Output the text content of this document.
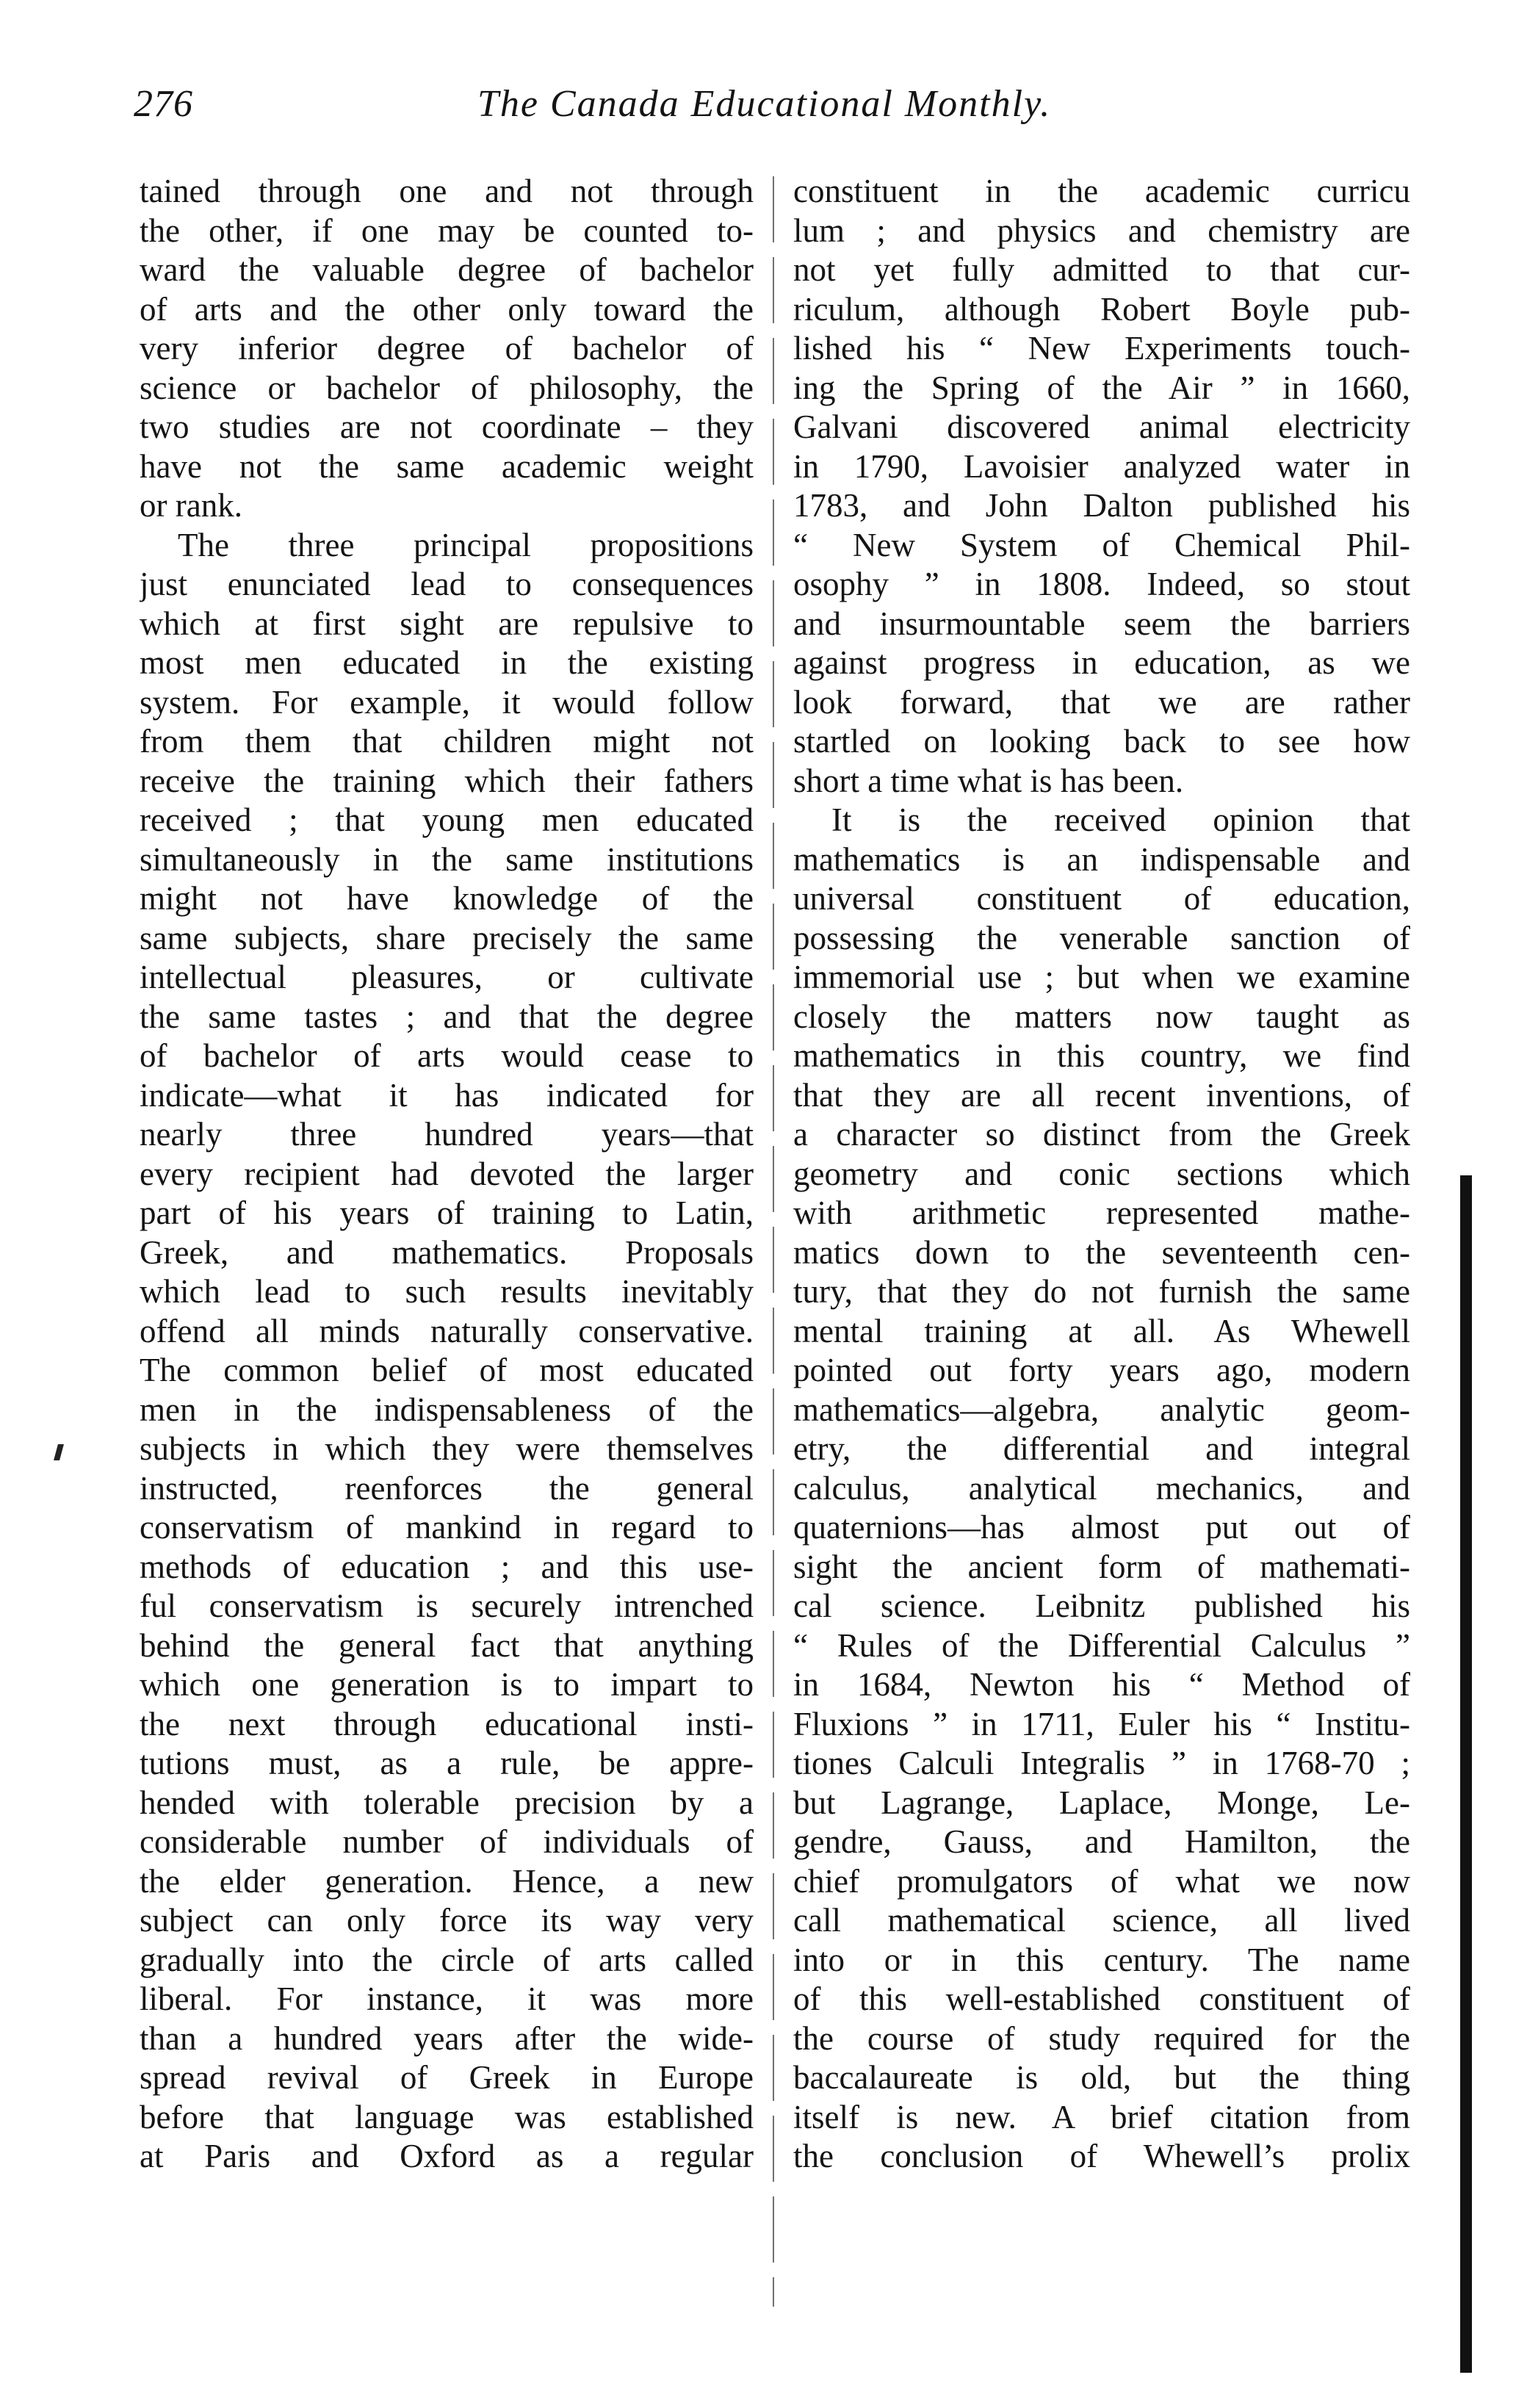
276	The Canada Educational Monthly.
tained through one and not through
the other, if one may be counted to-
ward the valuable degree of bachelor
of arts and the other only toward the
very inferior degree of bachelor of
science or bachelor of philosophy, the
two studies are not coordinate – they
have not the same academic weight
or rank.
The three principal propositions
just enunciated lead to consequences
which at first sight are repulsive to
most men educated in the existing
system. For example, it would follow
from them that children might not
receive the training which their fathers
received ; that young men educated
simultaneously in the same institutions
might not have knowledge of the
same subjects, share precisely the same
intellectual pleasures, or cultivate
the same tastes ; and that the degree
of bachelor of arts would cease to
indicate—what it has indicated for
nearly three hundred years—that
every recipient had devoted the larger
part of his years of training to Latin,
Greek, and mathematics. Proposals
which lead to such results inevitably
offend all minds naturally conservative.
The common belief of most educated
men in the indispensableness of the
subjects in which they were themselves
instructed, reenforces the general
conservatism of mankind in regard to
methods of education ; and this use-
ful conservatism is securely intrenched
behind the general fact that anything
which one generation is to impart to
the next through educational insti-
tutions must, as a rule, be appre-
hended with tolerable precision by a
considerable number of individuals of
the elder generation. Hence, a new
subject can only force its way very
gradually into the circle of arts called
liberal. For instance, it was more
than a hundred years after the wide-
spread revival of Greek in Europe
before that language was established
at Paris and Oxford as a regular
constituent in the academic curricu
lum ; and physics and chemistry are
not yet fully admitted to that cur-
riculum, although Robert Boyle pub-
lished his “ New Experiments touch-
ing the Spring of the Air ” in 1660,
Galvani discovered animal electricity
in 1790, Lavoisier analyzed water in
1783, and John Dalton published his
“ New System of Chemical Phil-
osophy ” in 1808. Indeed, so stout
and insurmountable seem the barriers
against progress in education, as we
look forward, that we are rather
startled on looking back to see how
short a time what is has been.
It is the received opinion that
mathematics is an indispensable and
universal constituent of education,
possessing the venerable sanction of
immemorial use ; but when we examine
closely the matters now taught as
mathematics in this country, we find
that they are all recent inventions, of
a character so distinct from the Greek
geometry and conic sections which
with arithmetic represented mathe-
matics down to the seventeenth cen-
tury, that they do not furnish the same
mental training at all. As Whewell
pointed out forty years ago, modern
mathematics—algebra, analytic geom-
etry, the differential and integral
calculus, analytical mechanics, and
quaternions—has almost put out of
sight the ancient form of mathemati-
cal science. Leibnitz published his
“ Rules of the Differential Calculus ”
in 1684, Newton his “ Method of
Fluxions ” in 1711, Euler his “ Institu-
tiones Calculi Integralis ” in 1768-70 ;
but Lagrange, Laplace, Monge, Le-
gendre, Gauss, and Hamilton, the
chief promulgators of what we now
call mathematical science, all lived
into or in this century. The name
of this well-established constituent of
the course of study required for the
baccalaureate is old, but the thing
itself is new. A brief citation from
the conclusion of Whewell’s prolix
